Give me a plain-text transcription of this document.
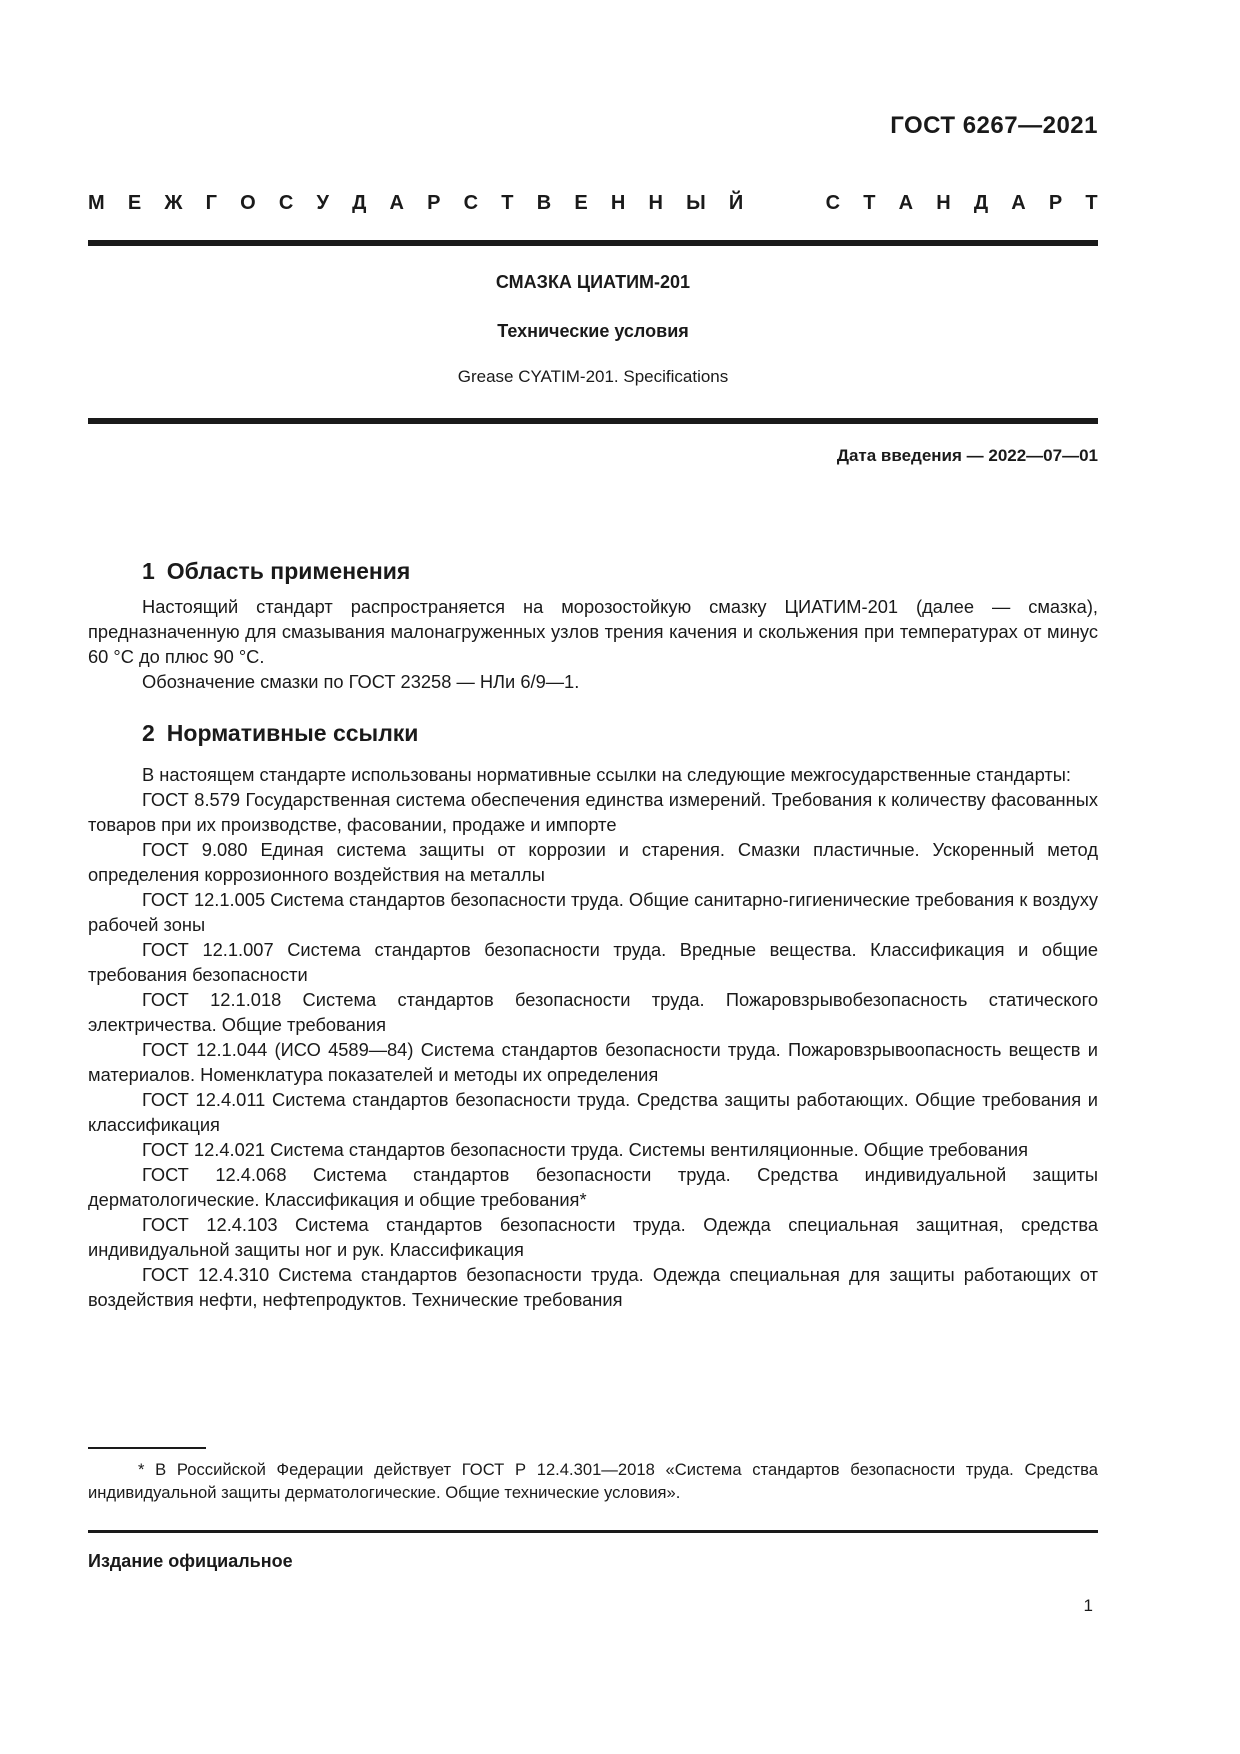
ГОСТ 6267—2021
М Е Ж Г О С У Д А Р С Т В Е Н Н Ы Й	С Т А Н Д А Р Т
СМАЗКА ЦИАТИМ-201
Технические условия
Grease CYATIM-201. Specifications
Дата введения — 2022—07—01
1 Область применения

Настоящий стандарт распространяется на морозостойкую смазку ЦИАТИМ-201 (далее — смазка), предназначенную для смазывания малонагруженных узлов трения качения и скольжения при температурах от минус 60 °С до плюс 90 °С.

Обозначение смазки по ГОСТ 23258 — НЛи 6/9—1.

2 Нормативные ссылки

В настоящем стандарте использованы нормативные ссылки на следующие межгосударственные стандарты:

ГОСТ 8.579 Государственная система обеспечения единства измерений. Требования к количеству фасованных товаров при их производстве, фасовании, продаже и импорте

ГОСТ 9.080 Единая система защиты от коррозии и старения. Смазки пластичные. Ускоренный метод определения коррозионного воздействия на металлы

ГОСТ 12.1.005 Система стандартов безопасности труда. Общие санитарно-гигиенические требования к воздуху рабочей зоны

ГОСТ 12.1.007 Система стандартов безопасности труда. Вредные вещества. Классификация и общие требования безопасности

ГОСТ 12.1.018 Система стандартов безопасности труда. Пожаровзрывобезопасность статического электричества. Общие требования

ГОСТ 12.1.044 (ИСО 4589—84) Система стандартов безопасности труда. Пожаровзрывоопасность веществ и материалов. Номенклатура показателей и методы их определения

ГОСТ 12.4.011 Система стандартов безопасности труда. Средства защиты работающих. Общие требования и классификация

ГОСТ 12.4.021 Система стандартов безопасности труда. Системы вентиляционные. Общие требования

ГОСТ 12.4.068 Система стандартов безопасности труда. Средства индивидуальной защиты дерматологические. Классификация и общие требования*

ГОСТ 12.4.103 Система стандартов безопасности труда. Одежда специальная защитная, средства индивидуальной защиты ног и рук. Классификация

ГОСТ 12.4.310 Система стандартов безопасности труда. Одежда специальная для защиты работающих от воздействия нефти, нефтепродуктов. Технические требования

* В Российской Федерации действует ГОСТ Р 12.4.301—2018 «Система стандартов безопасности труда. Средства индивидуальной защиты дерматологические. Общие технические условия».
Издание официальное
1
